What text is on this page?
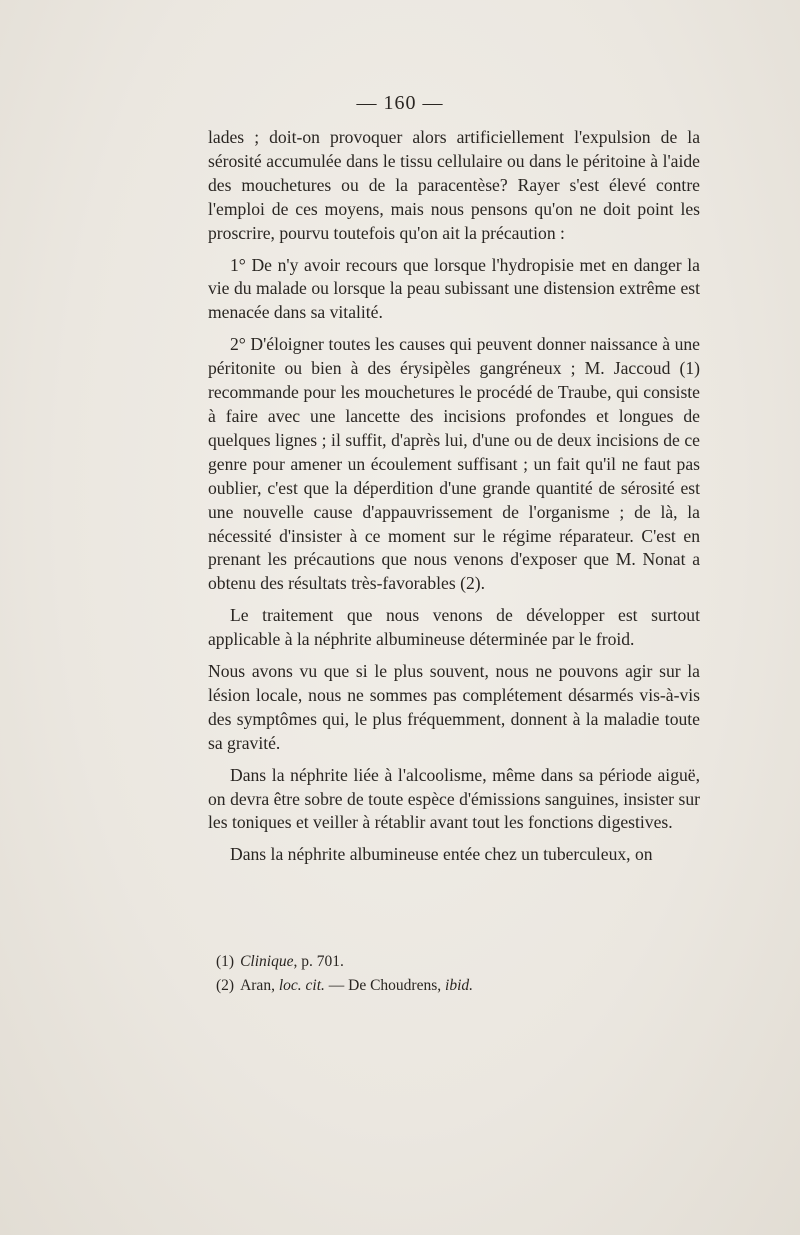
— 160 —

lades ; doit-on provoquer alors artificiellement l'expulsion de la sérosité accumulée dans le tissu cellulaire ou dans le péritoine à l'aide des mouchetures ou de la paracentèse? Rayer s'est élevé contre l'emploi de ces moyens, mais nous pensons qu'on ne doit point les proscrire, pourvu toutefois qu'on ait la précaution :

1° De n'y avoir recours que lorsque l'hydropisie met en danger la vie du malade ou lorsque la peau subissant une distension extrême est menacée dans sa vitalité.

2° D'éloigner toutes les causes qui peuvent donner naissance à une péritonite ou bien à des érysipèles gangréneux ; M. Jaccoud (1) recommande pour les mouchetures le procédé de Traube, qui consiste à faire avec une lancette des incisions profondes et longues de quelques lignes ; il suffit, d'après lui, d'une ou de deux incisions de ce genre pour amener un écoulement suffisant ; un fait qu'il ne faut pas oublier, c'est que la déperdition d'une grande quantité de sérosité est une nouvelle cause d'appauvrissement de l'organisme ; de là, la nécessité d'insister à ce moment sur le régime réparateur. C'est en prenant les précautions que nous venons d'exposer que M. Nonat a obtenu des résultats très-favorables (2).

Le traitement que nous venons de développer est surtout applicable à la néphrite albumineuse déterminée par le froid.

Nous avons vu que si le plus souvent, nous ne pouvons agir sur la lésion locale, nous ne sommes pas complétement désarmés vis-à-vis des symptômes qui, le plus fréquemment, donnent à la maladie toute sa gravité.

Dans la néphrite liée à l'alcoolisme, même dans sa période aiguë, on devra être sobre de toute espèce d'émissions sanguines, insister sur les toniques et veiller à rétablir avant tout les fonctions digestives.

Dans la néphrite albumineuse entée chez un tuberculeux, on

(1) Clinique, p. 701.

(2) Aran, loc. cit. — De Choudrens, ibid.
